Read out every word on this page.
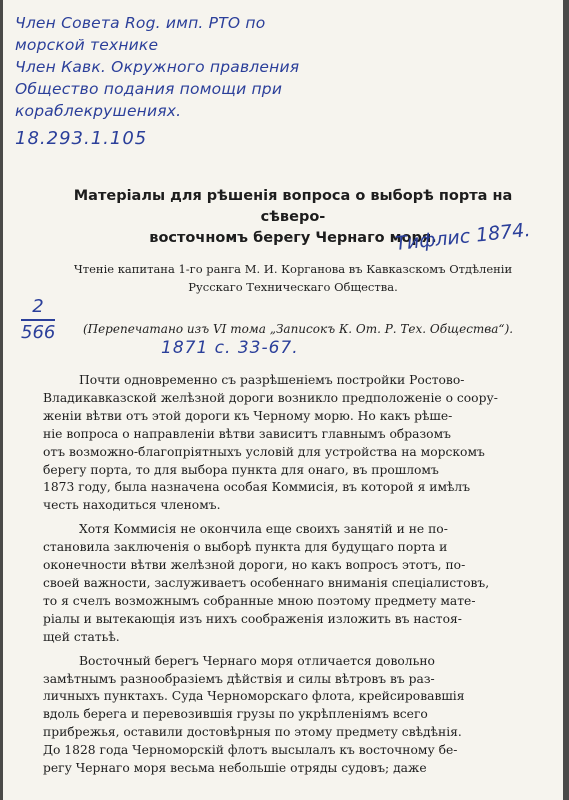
Член Совета Rog. имп. РТО по
морской технике
Член Кавк. Окружного правления
Общество подания помощи при
кораблекрушениях.
18.293.1.105
Матеріалы для рѣшенія вопроса о выборѣ порта на сѣверо-
восточномъ берегу Чернаго моря.
Тифлис 1874.
Чтеніе капитана 1-го ранга М. И. Корганова въ Кавказскомъ Отдѣленіи
Русскаго Техническаго Общества.
2
566	(Перепечатано изъ VI тома „Записокъ К. От. Р. Тех. Общества“).
1871 с. 33-67.

Почти одновременно съ разрѣшеніемъ постройки Ростово-
Владикавказской желѣзной дороги возникло предположеніе о соору-
женіи вѣтви отъ этой дороги къ Черному морю. Но какъ рѣше-
ніе вопроса о направленіи вѣтви зависитъ главнымъ образомъ
отъ возможно-благопріятныхъ условій для устройства на морскомъ
берегу порта, то для выбора пункта для онаго, въ прошломъ
1873 году, была назначена особая Коммисія, въ которой я имѣлъ
честь находиться членомъ.

Хотя Коммисія не окончила еще своихъ занятій и не по-
становила заключенія о выборѣ пункта для будущаго порта и
оконечности вѣтви желѣзной дороги, но какъ вопросъ этотъ, по-
своей важности, заслуживаетъ особеннаго вниманія спеціалистовъ,
то я счелъ возможнымъ собранные мною поэтому предмету мате-
ріалы и вытекающія изъ нихъ соображенія изложить въ настоя-
щей статьѣ.

Восточный берегъ Чернаго моря отличается довольно
замѣтнымъ разнообразіемъ дѣйствія и силы вѣтровъ въ раз-
личныхъ пунктахъ. Суда Черноморскаго флота, крейсировавшія
вдоль берега и перевозившія грузы по укрѣпленіямъ всего
прибрежья, оставили достовѣрныя по этому предмету свѣдѣнія.
До 1828 года Черноморскій флотъ высылалъ къ восточному бе-
регу Чернаго моря весьма небольшіе отряды судовъ; даже
